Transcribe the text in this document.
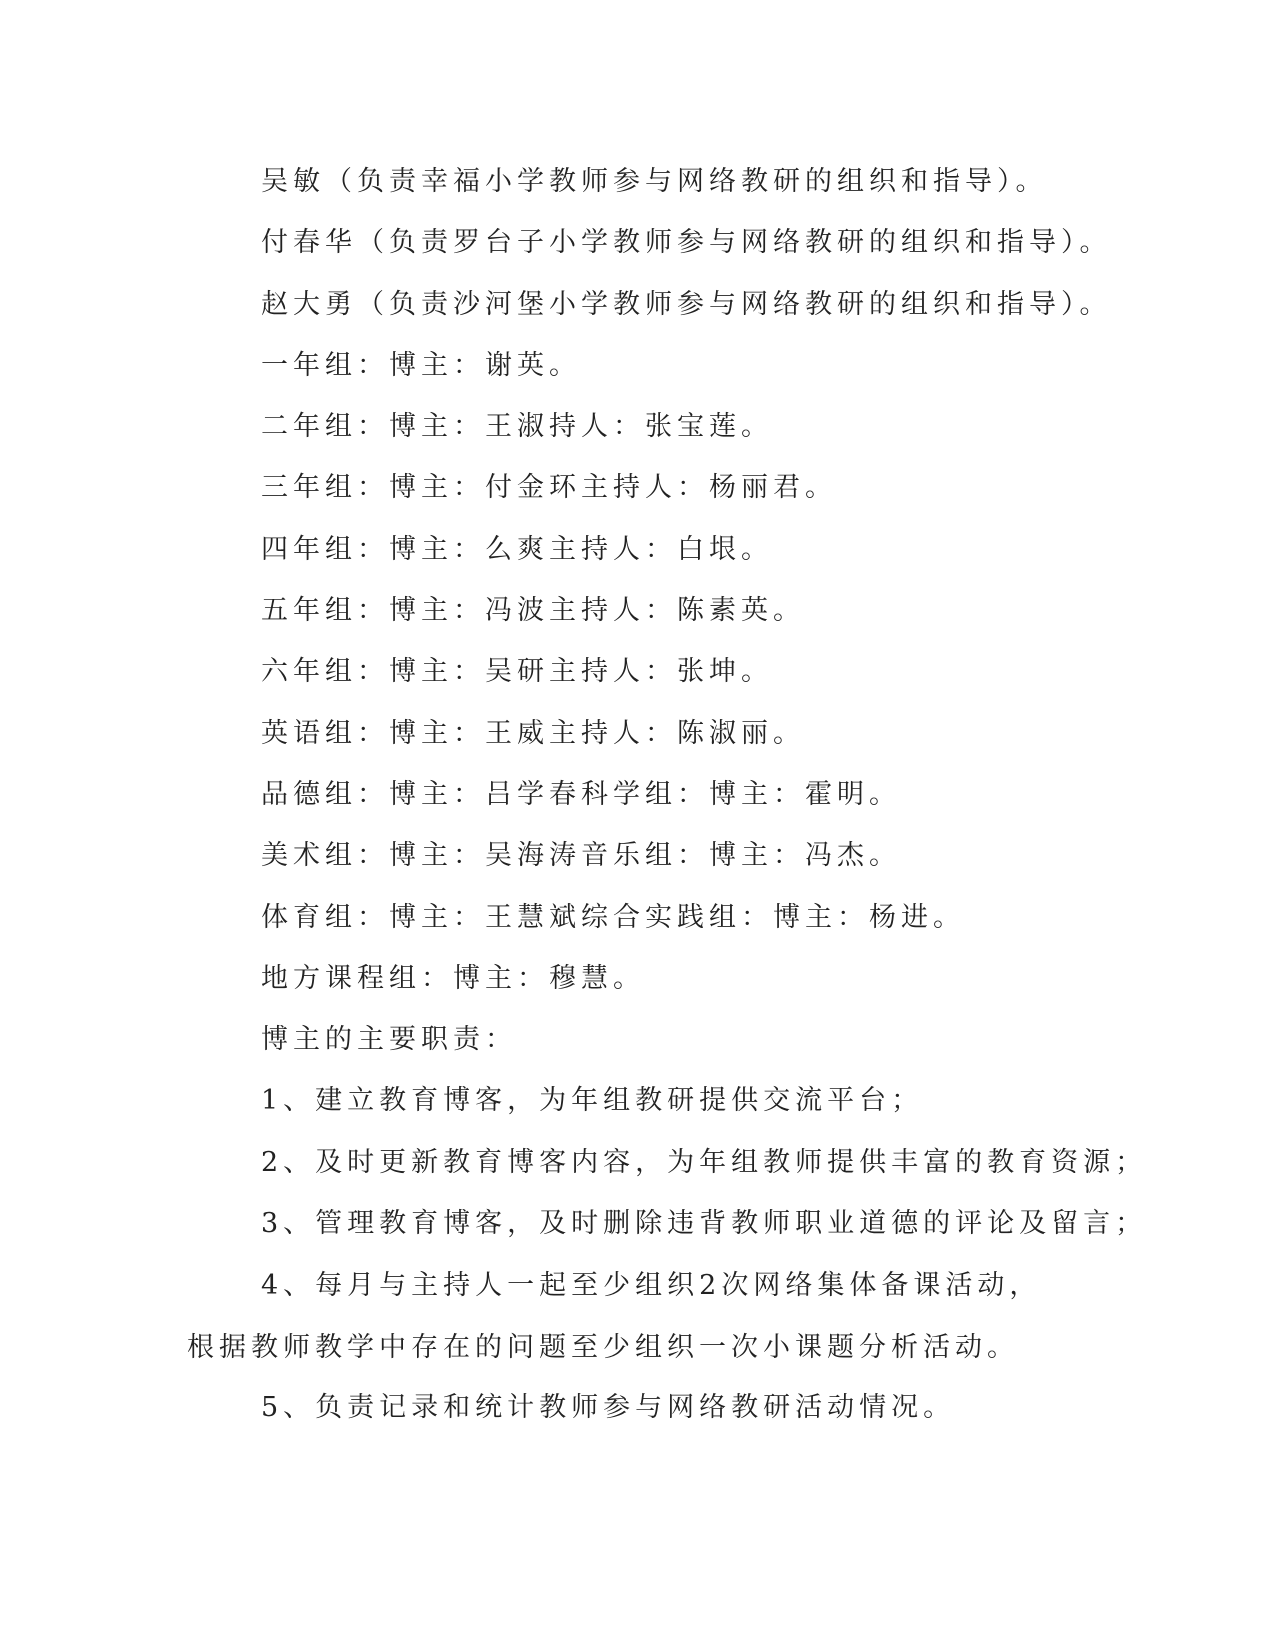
吴敏（负责幸福小学教师参与网络教研的组织和指导）。

付春华（负责罗台子小学教师参与网络教研的组织和指导）。

赵大勇（负责沙河堡小学教师参与网络教研的组织和指导）。

一年组：博主：谢英。

二年组：博主：王淑持人：张宝莲。

三年组：博主：付金环主持人：杨丽君。

四年组：博主：么爽主持人：白垠。

五年组：博主：冯波主持人：陈素英。

六年组：博主：吴研主持人：张坤。

英语组：博主：王威主持人：陈淑丽。

品德组：博主：吕学春科学组：博主：霍明。

美术组：博主：吴海涛音乐组：博主：冯杰。

体育组：博主：王慧斌综合实践组：博主：杨进。

地方课程组：博主：穆慧。

博主的主要职责：

1、建立教育博客，为年组教研提供交流平台；

2、及时更新教育博客内容，为年组教师提供丰富的教育资源；

3、管理教育博客，及时删除违背教师职业道德的评论及留言；

4、每月与主持人一起至少组织2次网络集体备课活动，根据教师教学中存在的问题至少组织一次小课题分析活动。

5、负责记录和统计教师参与网络教研活动情况。
